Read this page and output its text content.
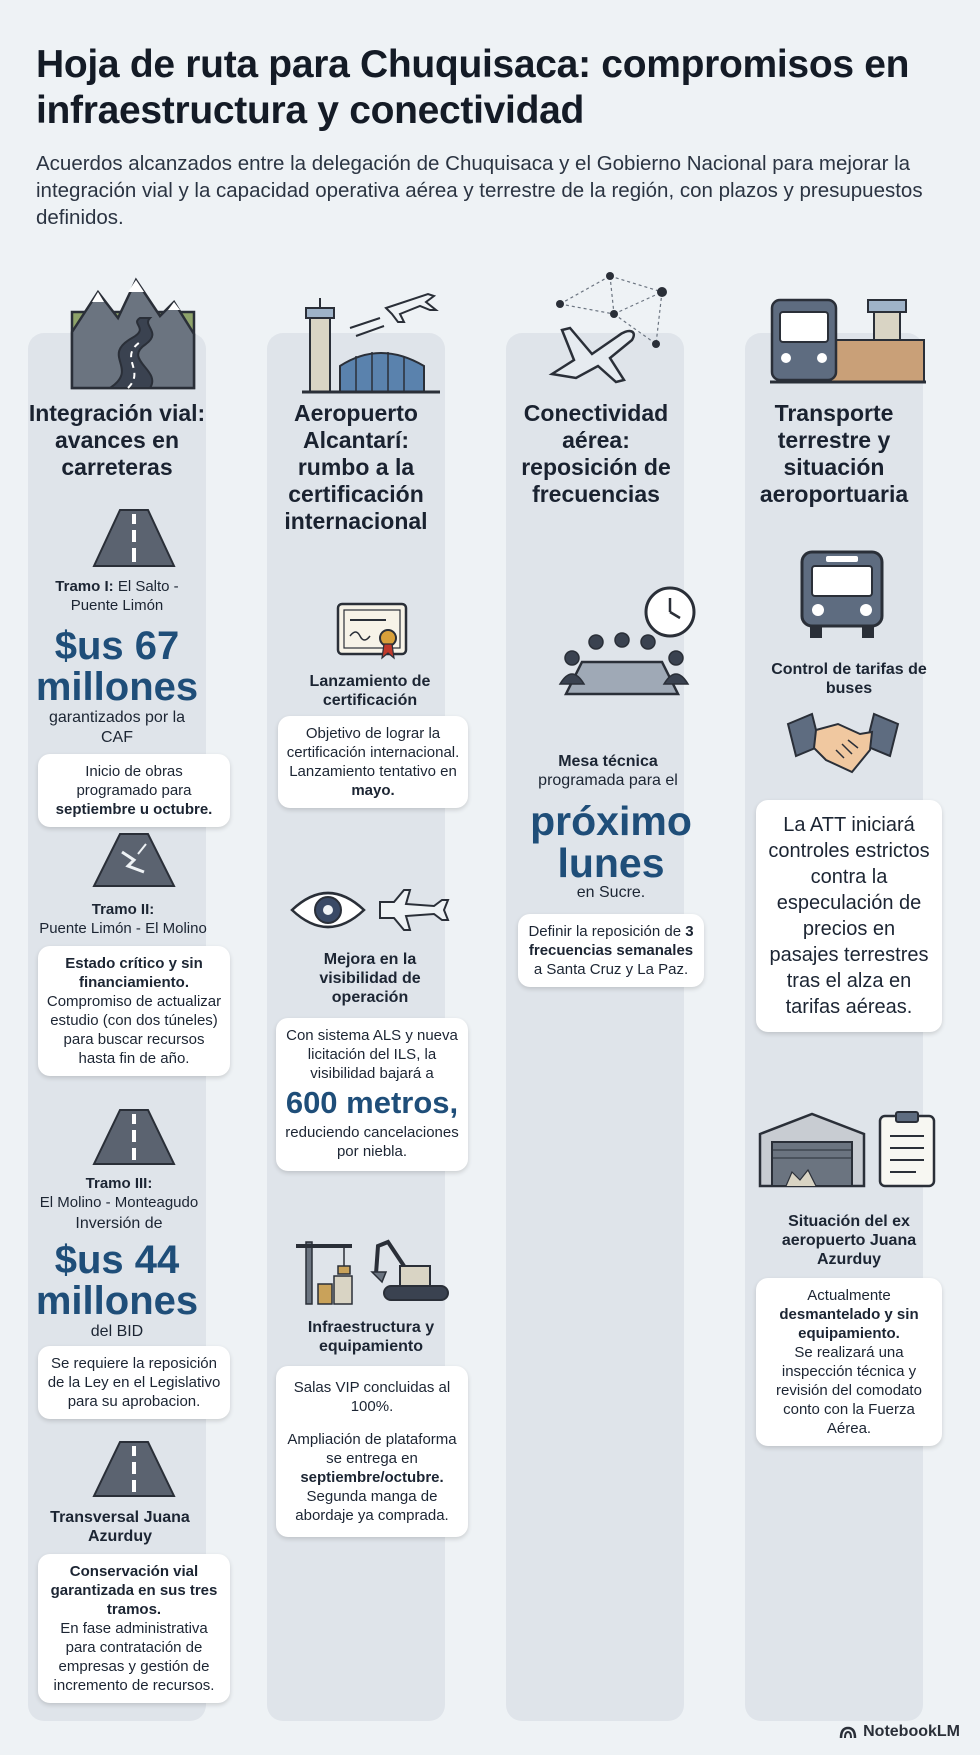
Hoja de ruta para Chuquisaca: compromisos en infraestructura y conectividad
Acuerdos alcanzados entre la delegación de Chuquisaca y el Gobierno Nacional para mejorar la integración vial y la capacidad operativa aérea y terrestre de la región, con plazos y presupuestos definidos.
Integración vial: avances en carreteras
Tramo I: El Salto - Puente Limón
$us 67 millones
garantizados por la CAF
Inicio de obras programado para septiembre u octubre.
Tramo II:
Puente Limón - El Molino
Estado crítico y sin financiamiento.
Compromiso de actualizar estudio (con dos túneles) para buscar recursos hasta fin de año.
Tramo III:
El Molino - Monteagudo
Inversión de
$us 44 millones
del BID
Se requiere la reposición de la Ley en el Legislativo para su aprobacion.
Transversal Juana Azurduy
Conservación vial garantizada en sus tres tramos.
En fase administrativa para contratación de empresas y gestión de incremento de recursos.
Aeropuerto Alcantarí: rumbo a la certificación internacional
Lanzamiento de certificación
Objetivo de lograr la certificación internacional. Lanzamiento tentativo en mayo.
Mejora en la visibilidad de operación
Con sistema ALS y nueva licitación del ILS, la visibilidad bajará a
600 metros,
reduciendo cancelaciones por niebla.
Infraestructura y equipamiento
Salas VIP concluidas al 100%.
Ampliación de plataforma se entrega en septiembre/octubre. Segunda manga de abordaje ya comprada.
Conectividad aérea: reposición de frecuencias
Mesa técnica
programada para el
próximo lunes
en Sucre.
Definir la reposición de 3 frecuencias semanales a Santa Cruz y La Paz.
Transporte terrestre y situación aeroportuaria
Control de tarifas de buses
La ATT iniciará controles estrictos contra la especulación de precios en pasajes terrestres tras el alza en tarifas aéreas.
Situación del ex aeropuerto Juana Azurduy
Actualmente desmantelado y sin equipamiento.
Se realizará una inspección técnica y revisión del comodato conto con la Fuerza Aérea.
NotebookLM
